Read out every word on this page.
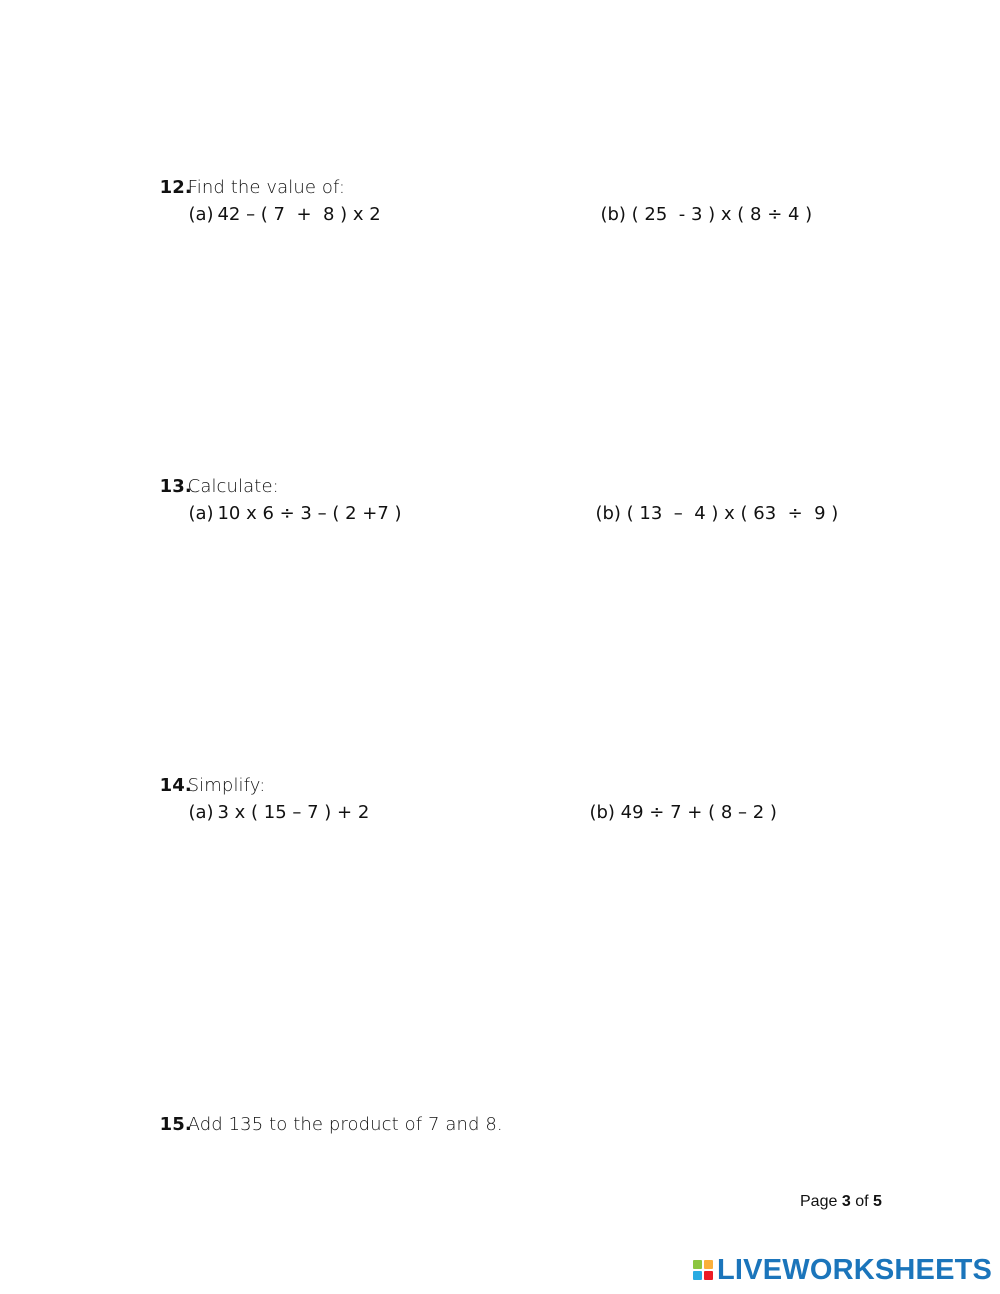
12.Find the value of:

(a) 42 – ( 7  +  8 ) x 2	(b) ( 25  - 3 ) x ( 8 ÷ 4 )

13.Calculate:

(a) 10 x 6 ÷ 3 – ( 2 +7 )	(b) ( 13  –  4 ) x ( 63  ÷  9 )

14.Simplify:

(a) 3 x ( 15 – 7 ) + 2	(b) 49 ÷ 7 + ( 8 – 2 )

15.Add 135 to the product of 7 and 8.

Page 3 of 5
LIVEWORKSHEETS
